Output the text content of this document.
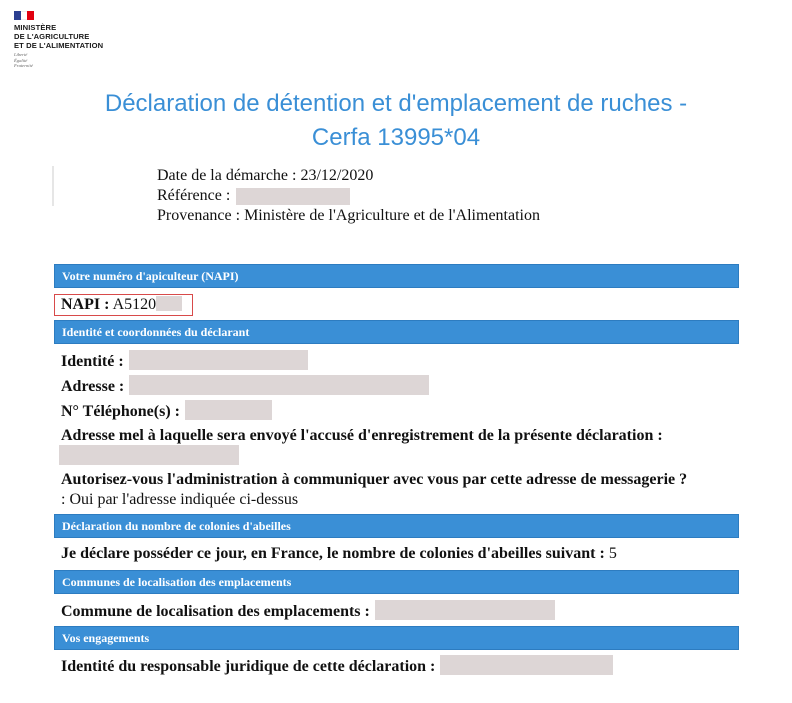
MINISTÈRE
DE L'AGRICULTURE
ET DE L'ALIMENTATION
Liberté
Égalité
Fraternité
Déclaration de détention et d'emplacement de ruches -
Cerfa 13995*04
Date de la démarche : 23/12/2020
Référence :
Provenance : Ministère de l'Agriculture et de l'Alimentation
Votre numéro d'apiculteur (NAPI)
NAPI : A5120
Identité et coordonnées du déclarant
Identité :
Adresse :
N° Téléphone(s) :
Adresse mel à laquelle sera envoyé l'accusé d'enregistrement de la présente déclaration :
Autorisez-vous l'administration à communiquer avec vous par cette adresse de messagerie ?
: Oui par l'adresse indiquée ci-dessus
Déclaration du nombre de colonies d'abeilles
Je déclare posséder ce jour, en France, le nombre de colonies d'abeilles suivant : 5
Communes de localisation des emplacements
Commune de localisation des emplacements :
Vos engagements
Identité du responsable juridique de cette déclaration :
